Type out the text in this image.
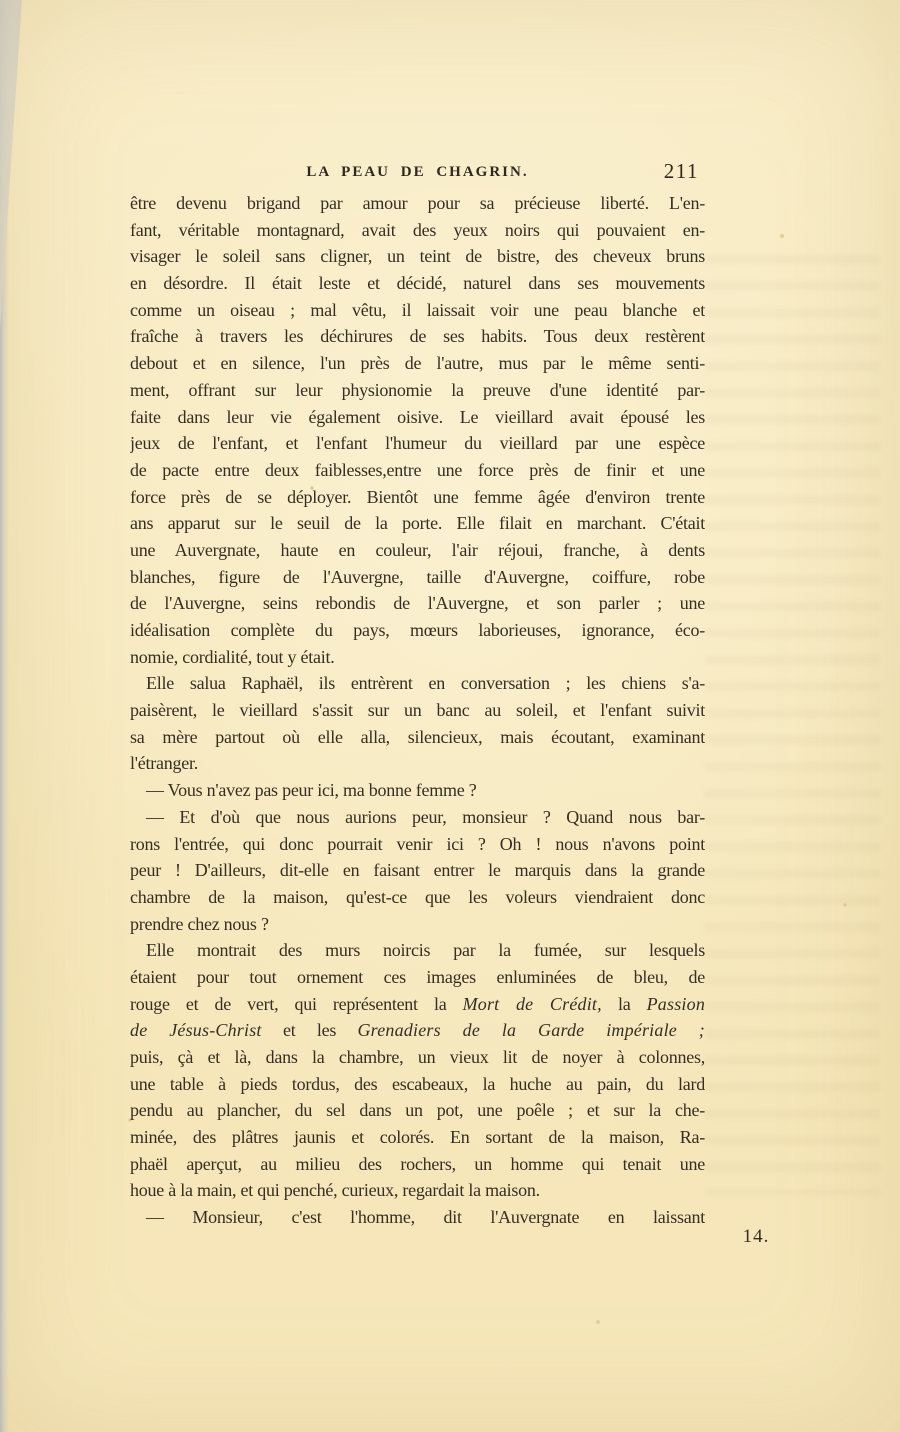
LA PEAU DE CHAGRIN.	211
être devenu brigand par amour pour sa précieuse liberté. L'en-
fant, véritable montagnard, avait des yeux noirs qui pouvaient en-
visager le soleil sans cligner, un teint de bistre, des cheveux bruns
en désordre. Il était leste et décidé, naturel dans ses mouvements
comme un oiseau ; mal vêtu, il laissait voir une peau blanche et
fraîche à travers les déchirures de ses habits. Tous deux restèrent
debout et en silence, l'un près de l'autre, mus par le même senti-
ment, offrant sur leur physionomie la preuve d'une identité par-
faite dans leur vie également oisive. Le vieillard avait épousé les
jeux de l'enfant, et l'enfant l'humeur du vieillard par une espèce
de pacte entre deux faiblesses,entre une force près de finir et une
force près de se déployer. Bientôt une femme âgée d'environ trente
ans apparut sur le seuil de la porte. Elle filait en marchant. C'était
une Auvergnate, haute en couleur, l'air réjoui, franche, à dents
blanches, figure de l'Auvergne, taille d'Auvergne, coiffure, robe
de l'Auvergne, seins rebondis de l'Auvergne, et son parler ; une
idéalisation complète du pays, mœurs laborieuses, ignorance, éco-
nomie, cordialité, tout y était.
Elle salua Raphaël, ils entrèrent en conversation ; les chiens s'a-
paisèrent, le vieillard s'assit sur un banc au soleil, et l'enfant suivit
sa mère partout où elle alla, silencieux, mais écoutant, examinant
l'étranger.
— Vous n'avez pas peur ici, ma bonne femme ?
— Et d'où que nous aurions peur, monsieur ? Quand nous bar-
rons l'entrée, qui donc pourrait venir ici ? Oh ! nous n'avons point
peur ! D'ailleurs, dit-elle en faisant entrer le marquis dans la grande
chambre de la maison, qu'est-ce que les voleurs viendraient donc
prendre chez nous ?
Elle montrait des murs noircis par la fumée, sur lesquels
étaient pour tout ornement ces images enluminées de bleu, de
rouge et de vert, qui représentent la Mort de Crédit, la Passion
de Jésus-Christ et les Grenadiers de la Garde impériale ;
puis, çà et là, dans la chambre, un vieux lit de noyer à colonnes,
une table à pieds tordus, des escabeaux, la huche au pain, du lard
pendu au plancher, du sel dans un pot, une poêle ; et sur la che-
minée, des plâtres jaunis et colorés. En sortant de la maison, Ra-
phaël aperçut, au milieu des rochers, un homme qui tenait une
houe à la main, et qui penché, curieux, regardait la maison.
— Monsieur, c'est l'homme, dit l'Auvergnate en laissant
14.
